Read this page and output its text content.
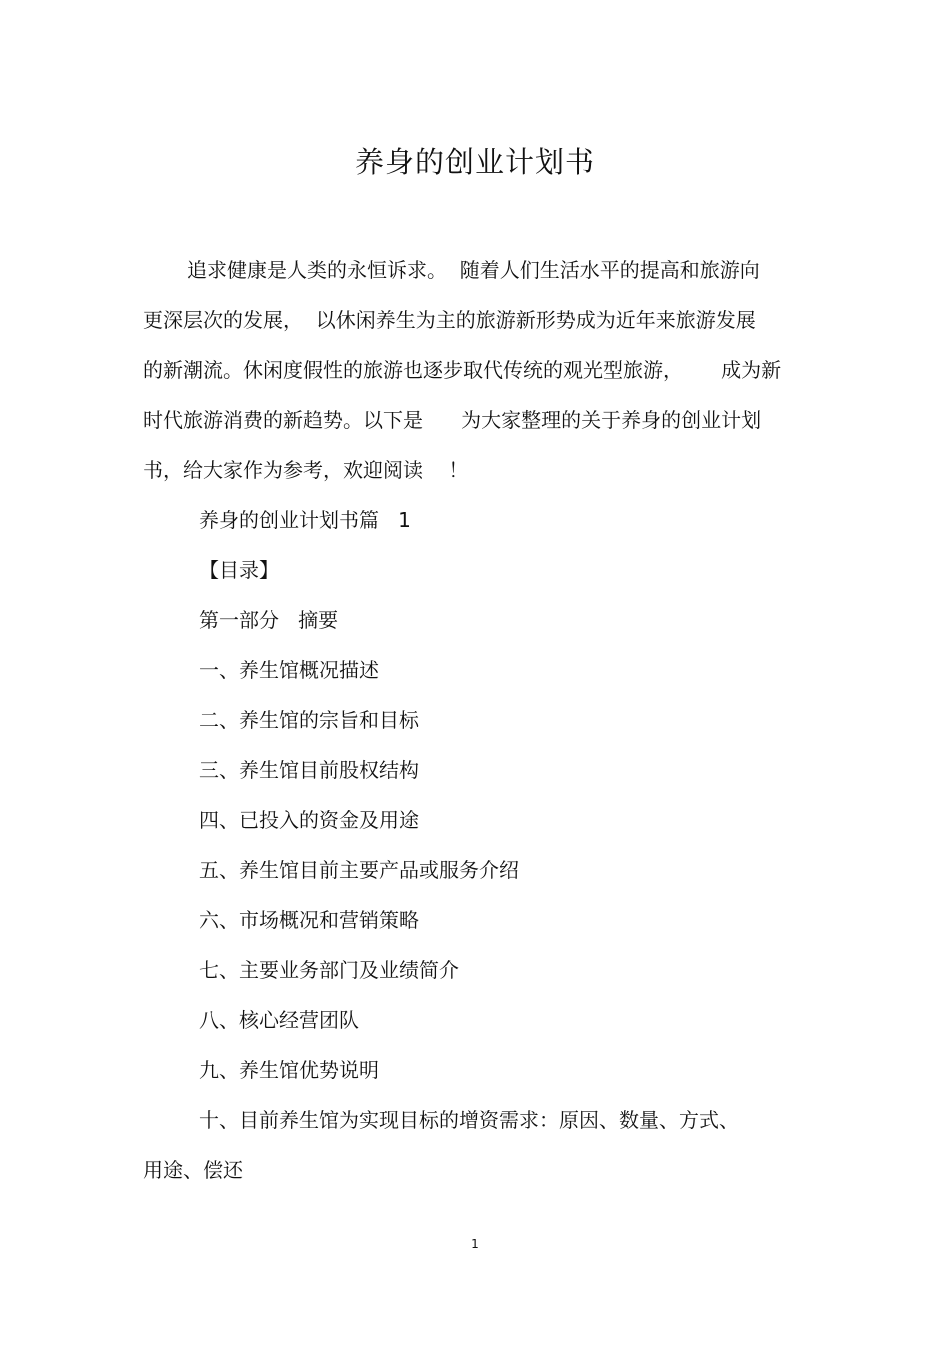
养身的创业计划书
追求健康是人类的永恒诉求。  随着人们生活水平的提高和旅游向
更深层次的发展，  以休闲养生为主的旅游新形势成为近年来旅游发展
的新潮流。休闲度假性的旅游也逐步取代传统的观光型旅游，      成为新
时代旅游消费的新趋势。以下是      为大家整理的关于养身的创业计划
书，给大家作为参考，欢迎阅读    ！
养身的创业计划书篇   1
【目录】
第一部分   摘要
一、养生馆概况描述
二、养生馆的宗旨和目标
三、养生馆目前股权结构
四、已投入的资金及用途
五、养生馆目前主要产品或服务介绍
六、市场概况和营销策略
七、主要业务部门及业绩简介
八、核心经营团队
九、养生馆优势说明
十、目前养生馆为实现目标的增资需求：原因、数量、方式、
用途、偿还
1
